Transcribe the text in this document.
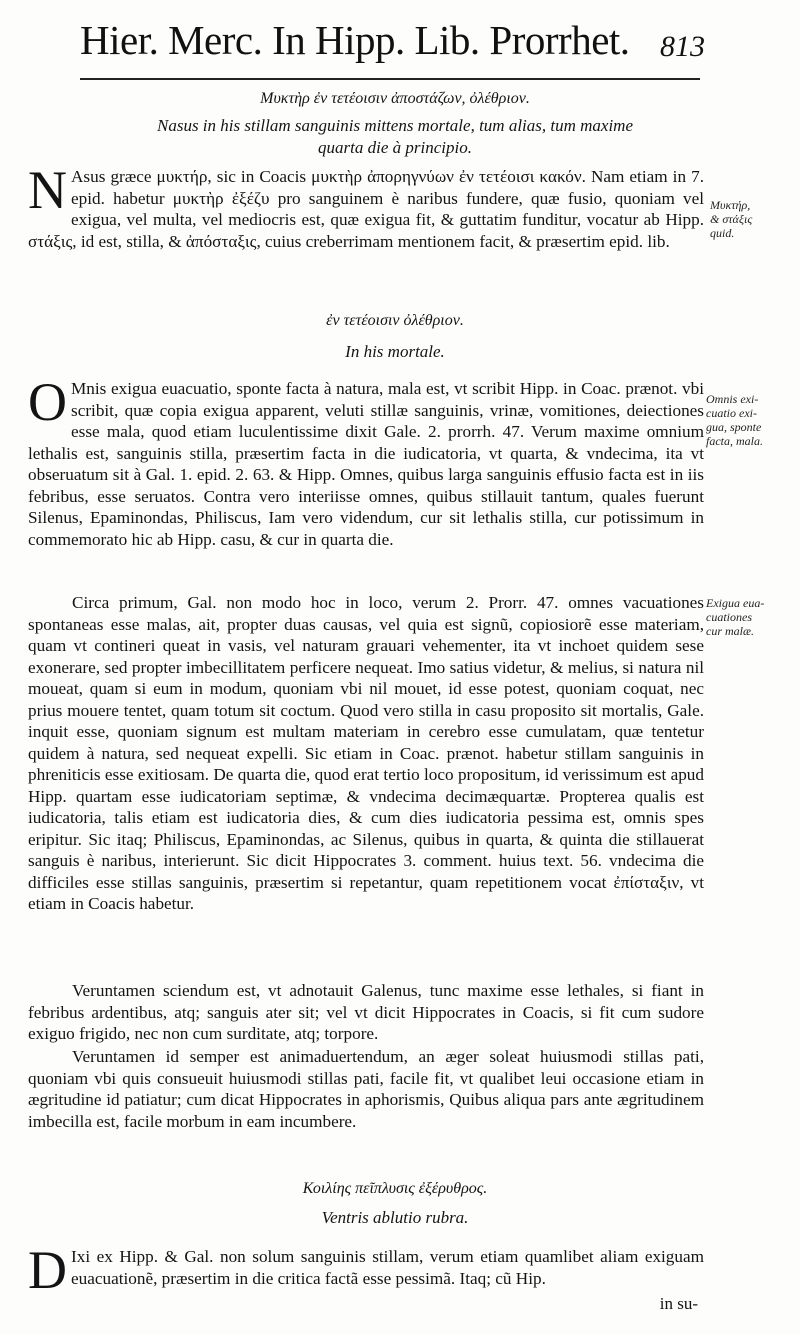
Hier. Merc. In Hipp. Lib. Prorrhet. 813
Μυκτὴρ ἐν τετέοισιν ἀποστάζων, ὀλέθριον.
Nasus in his stillam sanguinis mittens mortale, tum alias, tum maxime
quarta die à principio.
N Asus græce μυκτήρ, sic in Coacis μυκτὴρ ἀπορηγνύων ἐν τετέοισι κακόν. Nam etiam in 7. epid. habetur μυκτὴρ ἐξέζυ pro sanguinem è naribus fundere, quæ fusio, quoniam vel exigua, vel multa, vel mediocris est, quæ exigua fit, & guttatim funditur, vocatur ab Hipp. στάξις, id est, stilla, & ἀπόσταξις, cuius creberrimam mentionem facit, & præsertim epid. lib.
Μυκτήρ,
& στάξις
quid.
ἐν τετέοισιν ὀλέθριον.
In his mortale.
O Mnis exigua euacuatio, sponte facta à natura, mala est, vt scribit Hipp. in Coac. prænot. vbi scribit, quæ copia exigua apparent, veluti stillæ sanguinis, vrinæ, vomitiones, deiectiones esse mala, quod etiam luculentissime dixit Gale. 2. prorrh. 47. Verum maxime omnium lethalis est, sanguinis stilla, præsertim facta in die iudicatoria, vt quarta, & vndecima, ita vt obseruatum sit à Gal. 1. epid. 2. 63. & Hipp. Omnes, quibus larga sanguinis effusio facta est in iis febribus, esse seruatos. Contra vero interiisse omnes, quibus stillauit tantum, quales fuerunt Silenus, Epaminondas, Philiscus, Iam vero videndum, cur sit lethalis stilla, cur potissimum in commemorato hic ab Hipp. casu, & cur in quarta die.
Omnis exi-
cuatio exi-
gua, sponte
facta, mala.
Circa primum, Gal. non modo hoc in loco, verum 2. Prorr. 47. omnes vacuationes spontaneas esse malas, ait, propter duas causas, vel quia est signũ, copiosiorẽ esse materiam, quam vt contineri queat in vasis, vel naturam grauari vehementer, ita vt inchoet quidem sese exonerare, sed propter imbecillitatem perficere nequeat. Imo satius videtur, & melius, si natura nil moueat, quam si eum in modum, quoniam vbi nil mouet, id esse potest, quoniam coquat, nec prius mouere tentet, quam totum sit coctum. Quod vero stilla in casu proposito sit mortalis, Gale. inquit esse, quoniam signum est multam materiam in cerebro esse cumulatam, quæ tentetur quidem à natura, sed nequeat expelli. Sic etiam in Coac. prænot. habetur stillam sanguinis in phreniticis esse exitiosam. De quarta die, quod erat tertio loco propositum, id verissimum est apud Hipp. quartam esse iudicatoriam septimæ, & vndecima decimæquartæ. Propterea qualis est iudicatoria, talis etiam est iudicatoria dies, & cum dies iudicatoria pessima est, omnis spes eripitur. Sic itaq; Philiscus, Epaminondas, ac Silenus, quibus in quarta, & quinta die stillauerat sanguis è naribus, interierunt. Sic dicit Hippocrates 3. comment. huius text. 56. vndecima die difficiles esse stillas sanguinis, præsertim si repetantur, quam repetitionem vocat ἐπίσταξιν, vt etiam in Coacis habetur.
Exigua eua-
cuationes
cur malæ.
Veruntamen sciendum est, vt adnotauit Galenus, tunc maxime esse lethales, si fiant in febribus ardentibus, atq; sanguis ater sit; vel vt dicit Hippocrates in Coacis, si fit cum sudore exiguo frigido, nec non cum surditate, atq; torpore.
Veruntamen id semper est animaduertendum, an æger soleat huiusmodi stillas pati, quoniam vbi quis consueuit huiusmodi stillas pati, facile fit, vt qualibet leui occasione etiam in ægritudine id patiatur; cum dicat Hippocrates in aphorismis, Quibus aliqua pars ante ægritudinem imbecilla est, facile morbum in eam incumbere.
Κοιλίης πεῖπλυσις ἐξέρυθρος.
Ventris ablutio rubra.
D Ixi ex Hipp. & Gal. non solum sanguinis stillam, verum etiam quamlibet aliam exiguam euacuationẽ, præsertim in die critica factã esse pessimã. Itaq; cũ Hip.
in su-
